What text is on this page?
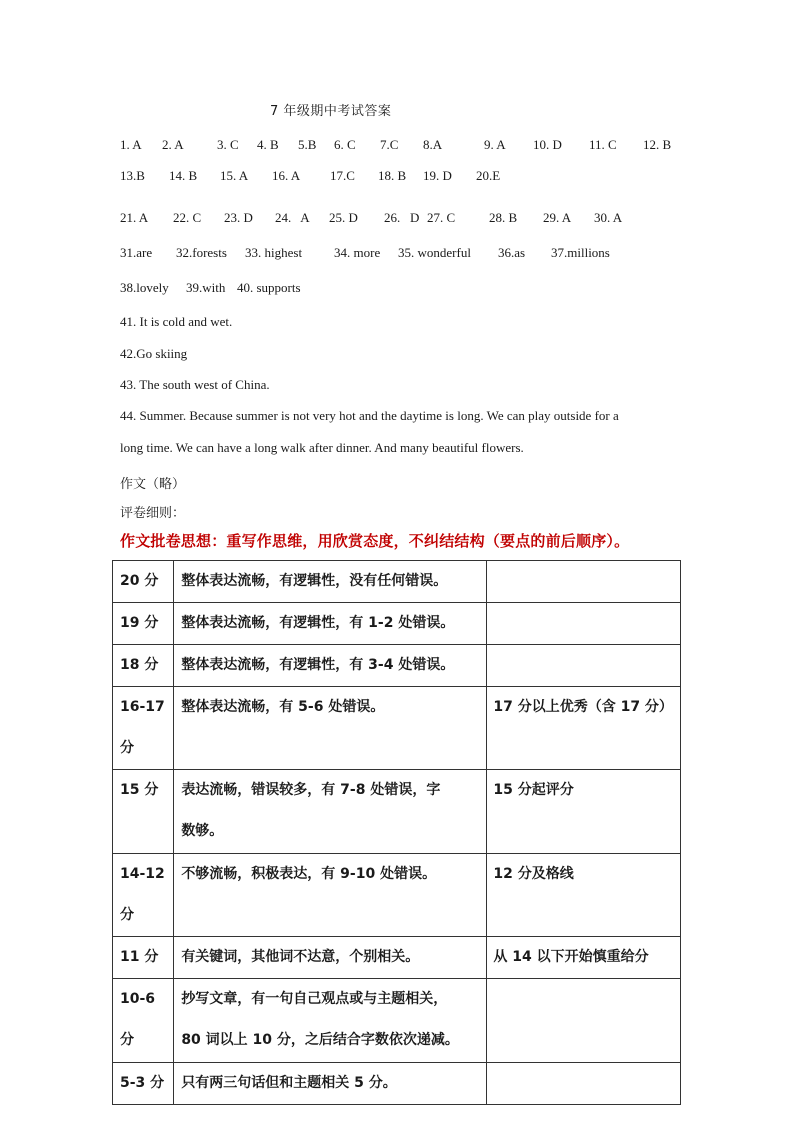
7 年级期中考试答案
1. A 2. A	3. C 4. B 5.B 6. C 7.C 8.A	9. A 10. D 11. C 12. B
13.B 14. B 15. A 16. A 17.C 18. B 19. D 20.E
21. A 22. C 23. D 24.   A 25. D 26.   D 27. C	28. B 29. A 30. A
31.are 32.forests 33. highest 34. more 35. wonderful 36.as 37.millions
38.lovely 39.with 40. supports
41. It is cold and wet.
42.Go skiing
43. The south west of China.
44. Summer. Because summer is not very hot and the daytime is long. We can play outside for a
long time. We can have a long walk after dinner. And many beautiful flowers.
作文（略）
评卷细则：
作文批卷思想：重写作思维，用欣赏态度，不纠结结构（要点的前后顺序）。
20 分	整体表达流畅，有逻辑性，没有任何错误。	

19 分	整体表达流畅，有逻辑性，有 1-2 处错误。	

18 分	整体表达流畅，有逻辑性，有 3-4 处错误。	

16-17 分	整体表达流畅，有 5-6 处错误。	17 分以上优秀（含 17 分）
15 分	表达流畅，错误较多，有 7-8 处错误，字
数够。	15 分起评分
14-12 分	不够流畅，积极表达，有 9-10 处错误。	12 分及格线
11 分	有关键词，其他词不达意，个别相关。	从 14 以下开始慎重给分
10-6 分	抄写文章，有一句自己观点或与主题相关，
80 词以上 10 分，之后结合字数依次递减。	

5-3 分	只有两三句话但和主题相关 5 分。	
